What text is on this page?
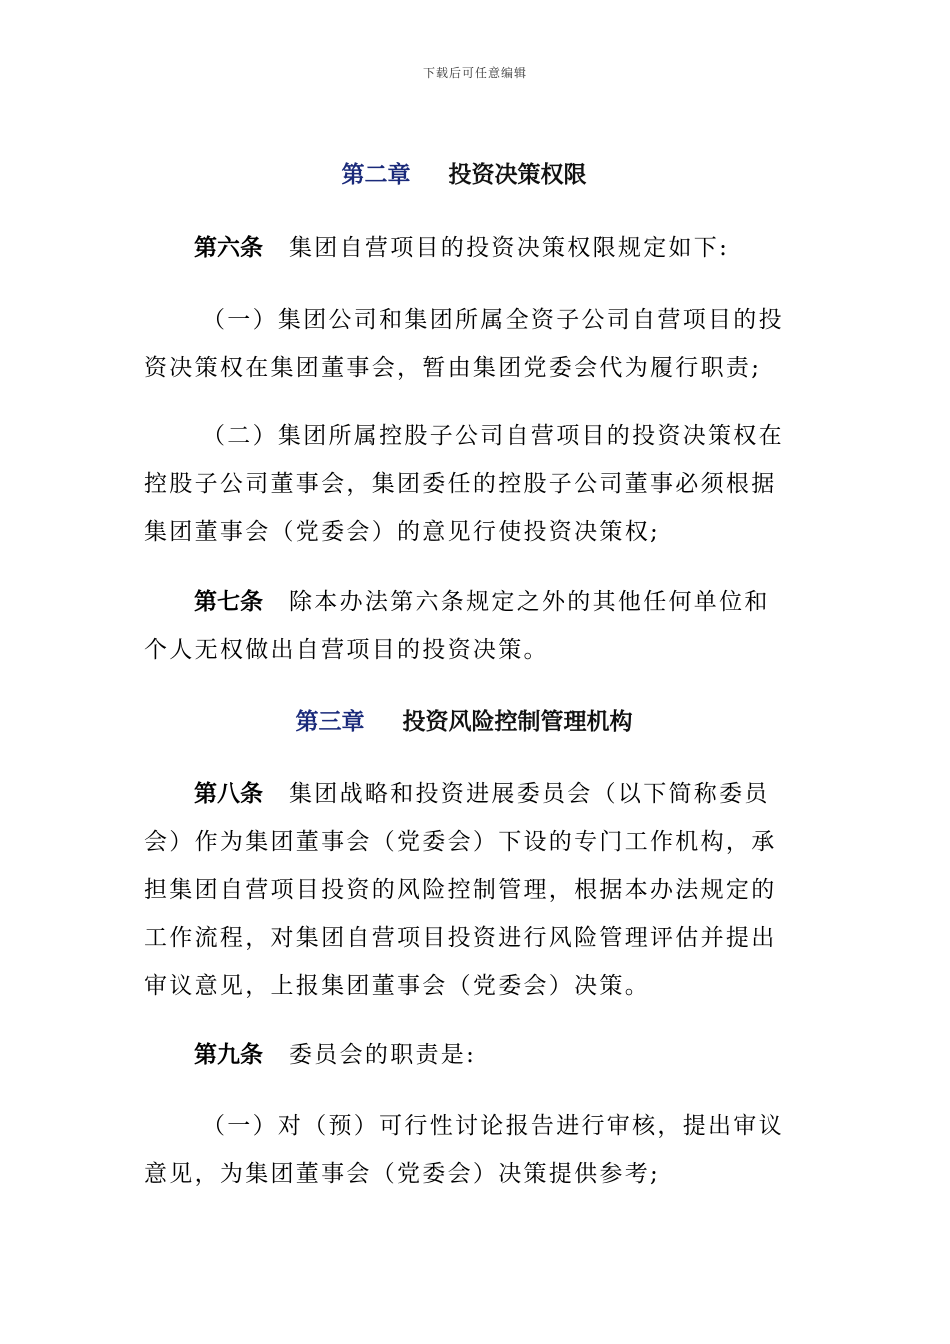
下载后可任意编辑
第二章 投资决策权限
第六条 集团自营项目的投资决策权限规定如下:
（一）集团公司和集团所属全资子公司自营项目的投
资决策权在集团董事会，暂由集团党委会代为履行职责;
（二）集团所属控股子公司自营项目的投资决策权在
控股子公司董事会，集团委任的控股子公司董事必须根据
集团董事会（党委会）的意见行使投资决策权;
第七条 除本办法第六条规定之外的其他任何单位和
个人无权做出自营项目的投资决策。
第三章 投资风险控制管理机构
第八条 集团战略和投资进展委员会（以下简称委员
会）作为集团董事会（党委会）下设的专门工作机构，承
担集团自营项目投资的风险控制管理，根据本办法规定的
工作流程，对集团自营项目投资进行风险管理评估并提出
审议意见，上报集团董事会（党委会）决策。
第九条 委员会的职责是:
（一）对（预）可行性讨论报告进行审核，提出审议
意见，为集团董事会（党委会）决策提供参考;
